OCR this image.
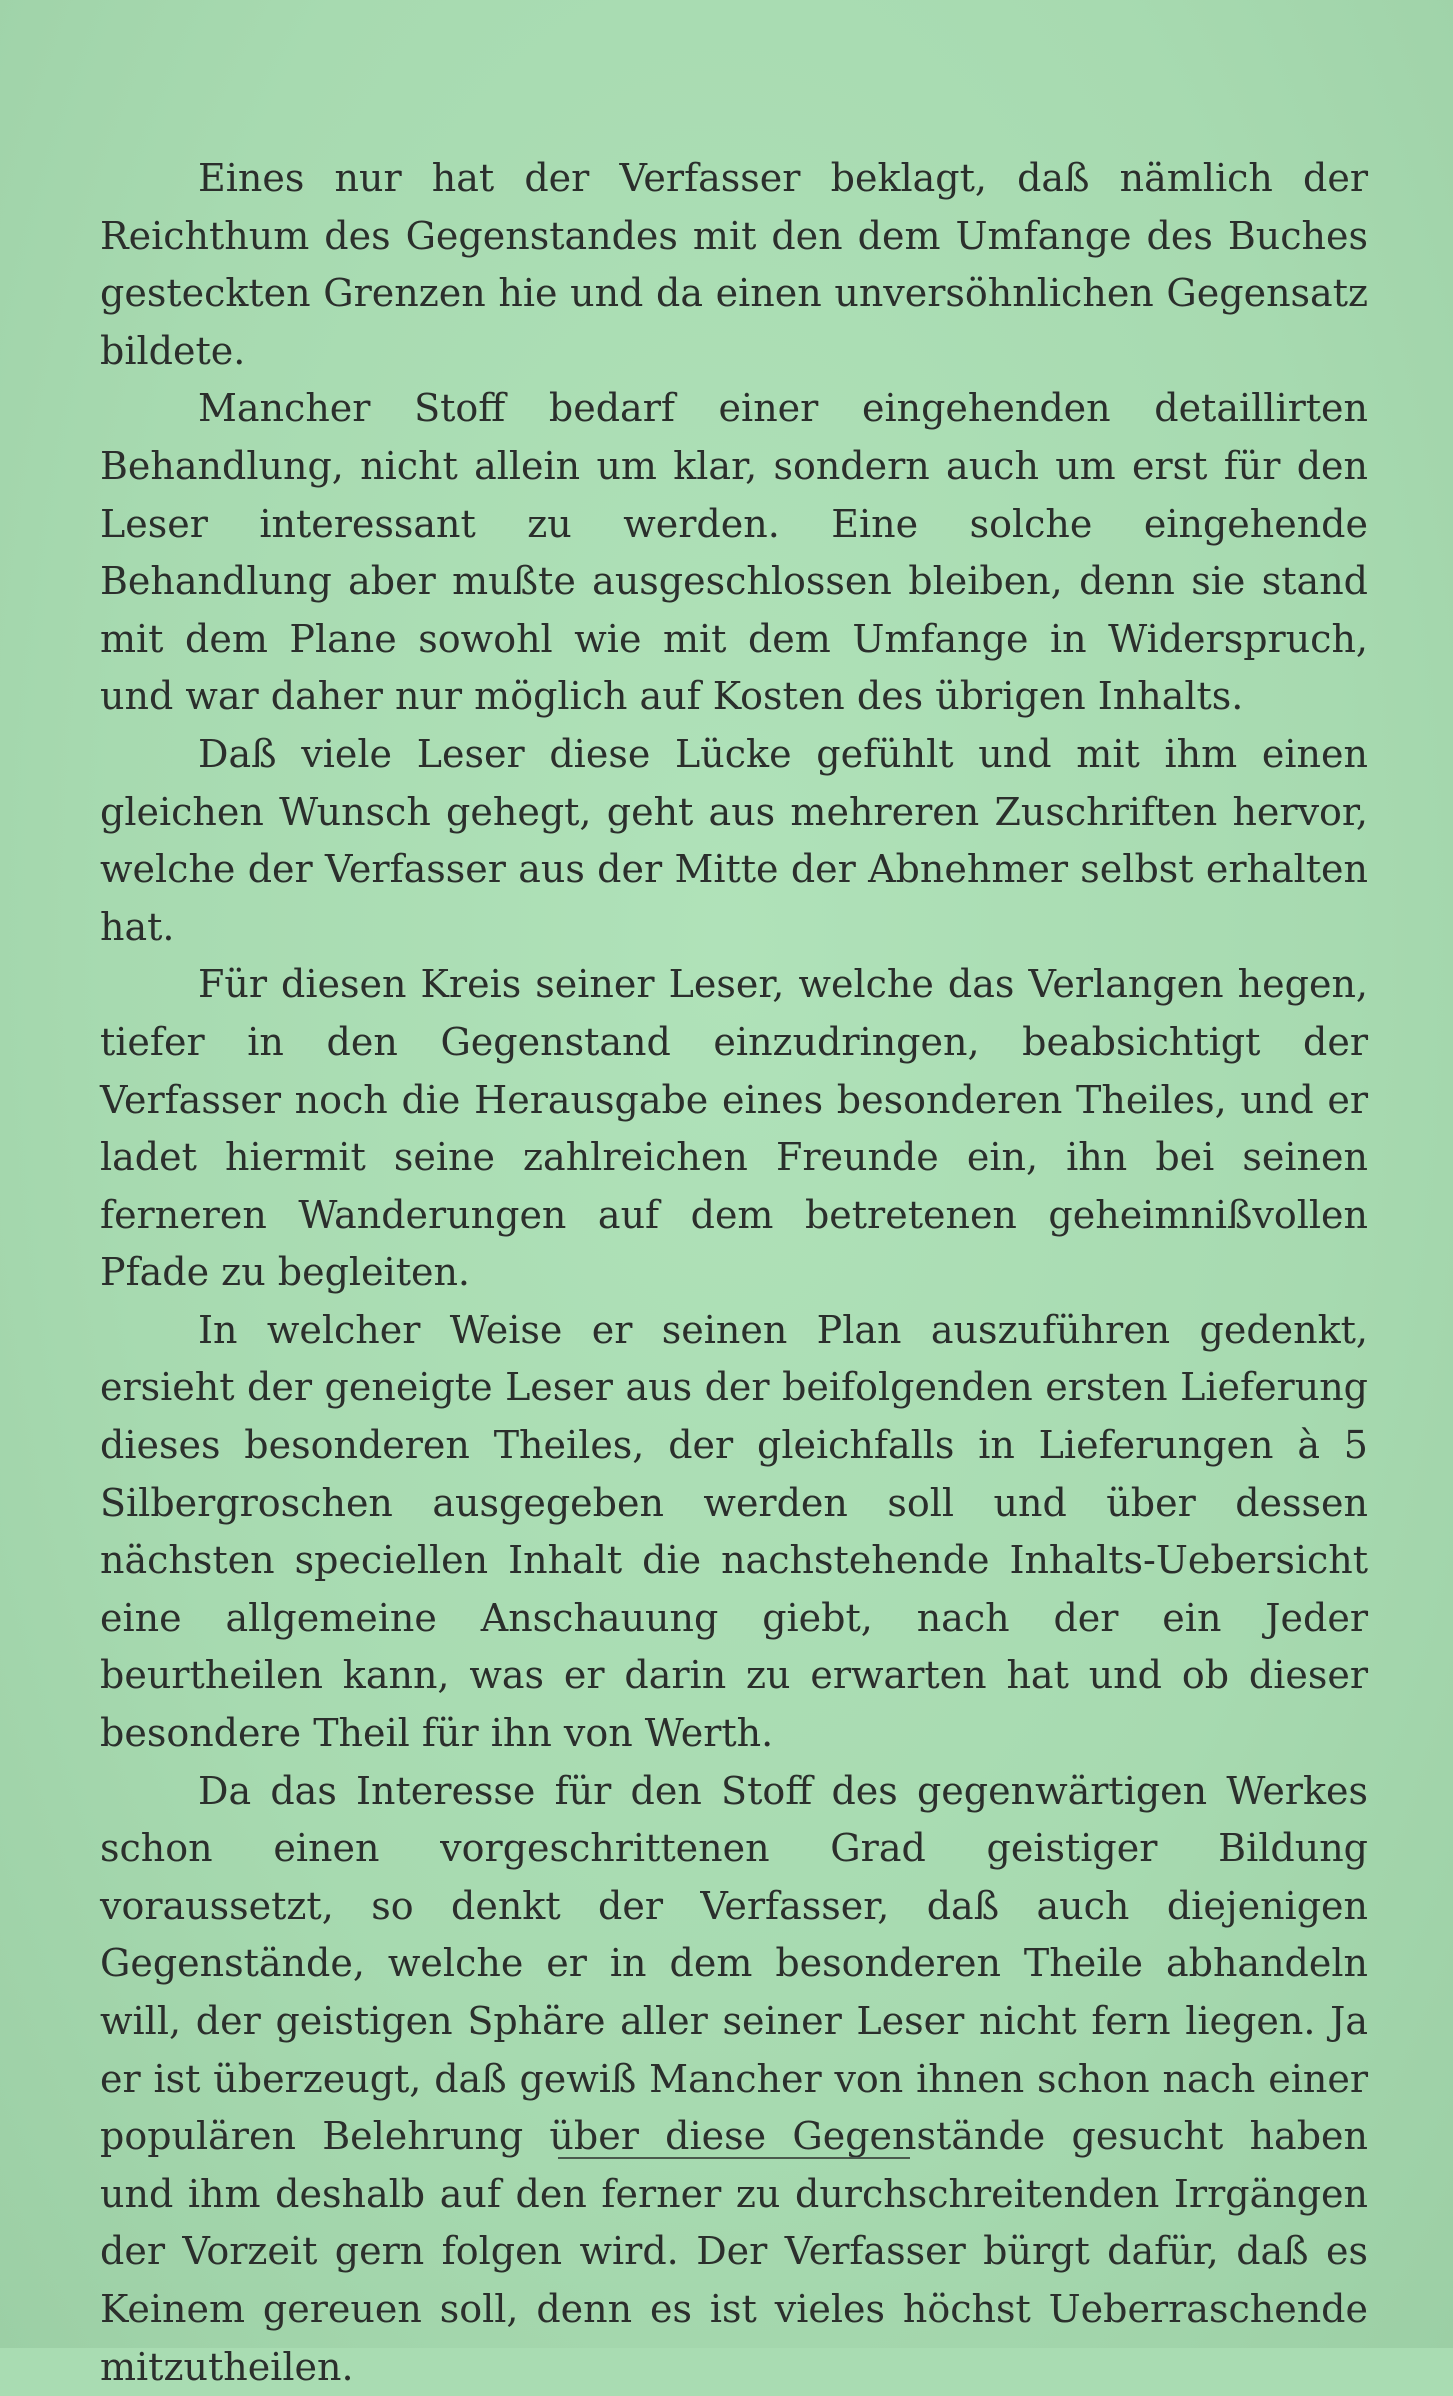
Eines nur hat der Verfasser beklagt, daß nämlich der Reichthum des Gegenstandes mit den dem Umfange des Buches gesteckten Grenzen hie und da einen unversöhnlichen Gegensatz bildete.

Mancher Stoff bedarf einer eingehenden detaillirten Behandlung, nicht allein um klar, sondern auch um erst für den Leser interessant zu werden. Eine solche eingehende Behandlung aber mußte ausgeschlossen bleiben, denn sie stand mit dem Plane sowohl wie mit dem Umfange in Widerspruch, und war daher nur möglich auf Kosten des übrigen Inhalts.

Daß viele Leser diese Lücke gefühlt und mit ihm einen gleichen Wunsch gehegt, geht aus mehreren Zuschriften hervor, welche der Verfasser aus der Mitte der Abnehmer selbst erhalten hat.

Für diesen Kreis seiner Leser, welche das Verlangen hegen, tiefer in den Gegenstand einzudringen, beabsichtigt der Verfasser noch die Herausgabe eines besonderen Theiles, und er ladet hiermit seine zahlreichen Freunde ein, ihn bei seinen ferneren Wanderungen auf dem betretenen geheimnißvollen Pfade zu begleiten.

In welcher Weise er seinen Plan auszuführen gedenkt, ersieht der geneigte Leser aus der beifolgenden ersten Lieferung dieses besonderen Theiles, der gleichfalls in Lieferungen à 5 Silbergroschen ausgegeben werden soll und über dessen nächsten speciellen Inhalt die nachstehende Inhalts-Uebersicht eine allgemeine Anschauung giebt, nach der ein Jeder beurtheilen kann, was er darin zu erwarten hat und ob dieser besondere Theil für ihn von Werth.

Da das Interesse für den Stoff des gegenwärtigen Werkes schon einen vorgeschrittenen Grad geistiger Bildung voraussetzt, so denkt der Verfasser, daß auch diejenigen Gegenstände, welche er in dem besonderen Theile abhandeln will, der geistigen Sphäre aller seiner Leser nicht fern liegen. Ja er ist überzeugt, daß gewiß Mancher von ihnen schon nach einer populären Belehrung über diese Gegenstände gesucht haben und ihm deshalb auf den ferner zu durchschreitenden Irrgängen der Vorzeit gern folgen wird. Der Verfasser bürgt dafür, daß es Keinem gereuen soll, denn es ist vieles höchst Ueberraschende mitzutheilen.
